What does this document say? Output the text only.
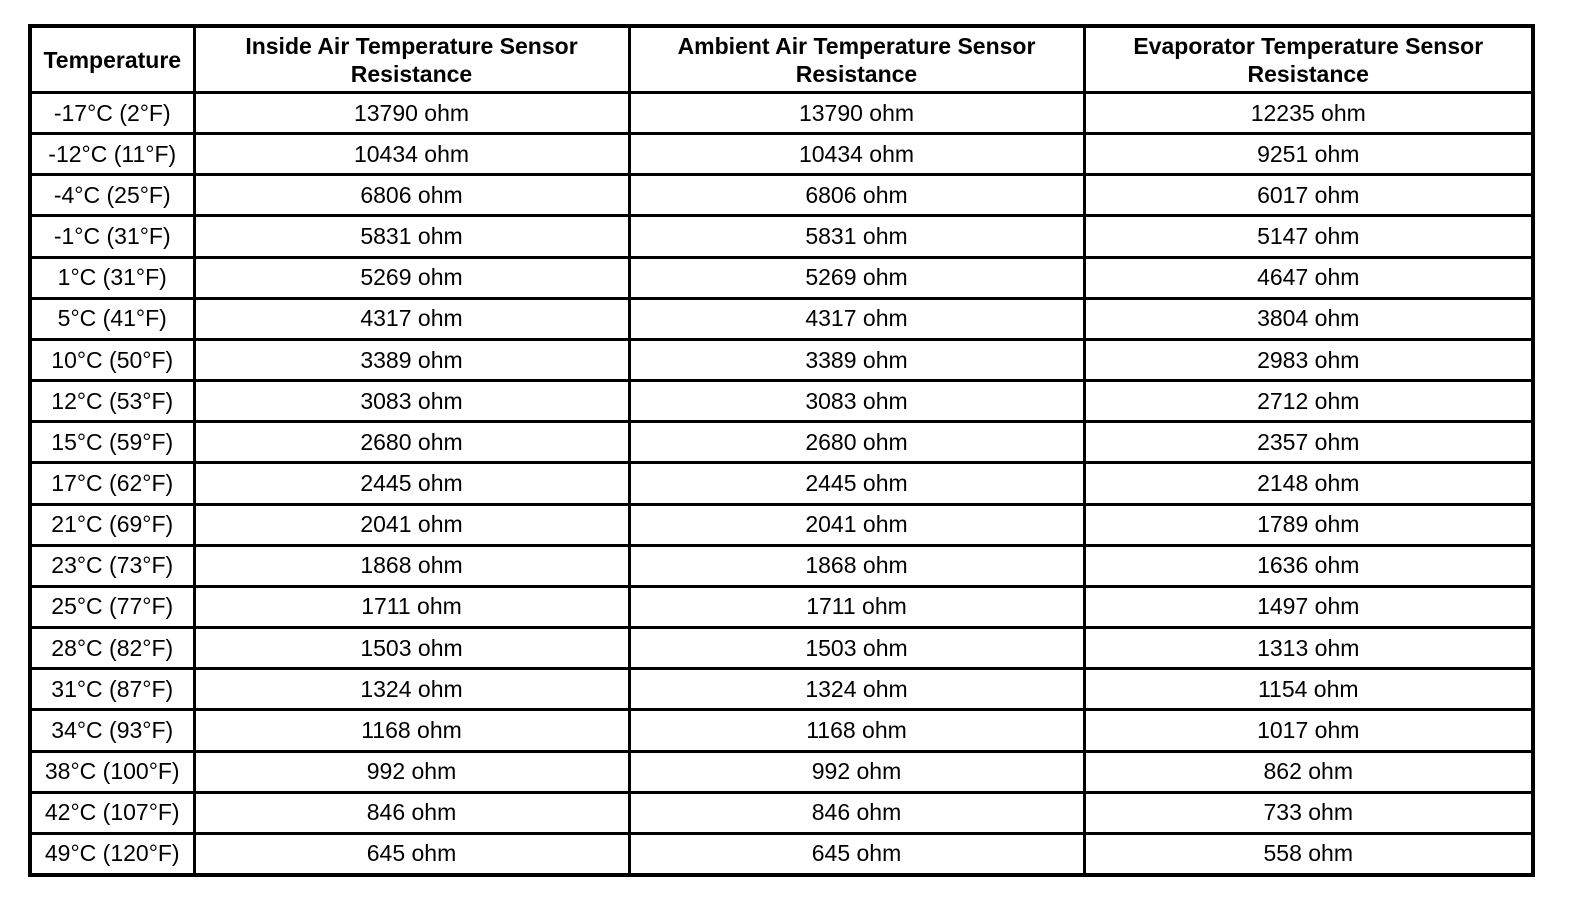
Temperature	Inside Air Temperature Sensor Resistance	Ambient Air Temperature Sensor Resistance	Evaporator Temperature Sensor Resistance
-17°C (2°F)	13790 ohm	13790 ohm	12235 ohm
-12°C (11°F)	10434 ohm	10434 ohm	9251 ohm
-4°C (25°F)	6806 ohm	6806 ohm	6017 ohm
-1°C (31°F)	5831 ohm	5831 ohm	5147 ohm
1°C (31°F)	5269 ohm	5269 ohm	4647 ohm
5°C (41°F)	4317 ohm	4317 ohm	3804 ohm
10°C (50°F)	3389 ohm	3389 ohm	2983 ohm
12°C (53°F)	3083 ohm	3083 ohm	2712 ohm
15°C (59°F)	2680 ohm	2680 ohm	2357 ohm
17°C (62°F)	2445 ohm	2445 ohm	2148 ohm
21°C (69°F)	2041 ohm	2041 ohm	1789 ohm
23°C (73°F)	1868 ohm	1868 ohm	1636 ohm
25°C (77°F)	1711 ohm	1711 ohm	1497 ohm
28°C (82°F)	1503 ohm	1503 ohm	1313 ohm
31°C (87°F)	1324 ohm	1324 ohm	1154 ohm
34°C (93°F)	1168 ohm	1168 ohm	1017 ohm
38°C (100°F)	992 ohm	992 ohm	862 ohm
42°C (107°F)	846 ohm	846 ohm	733 ohm
49°C (120°F)	645 ohm	645 ohm	558 ohm
